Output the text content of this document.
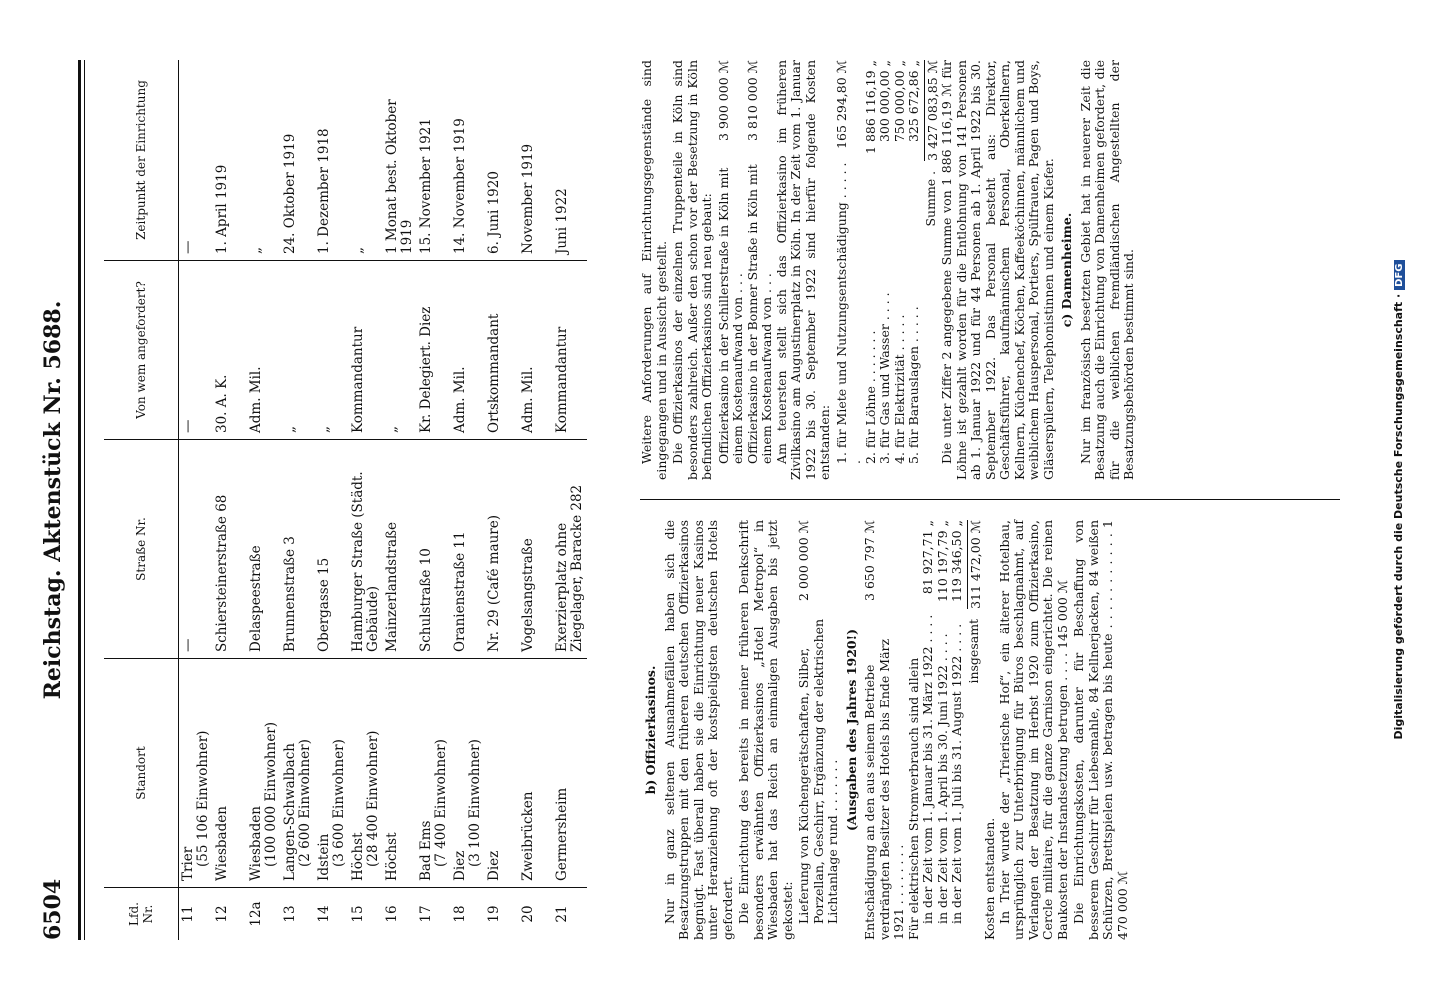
6504
Reichstag. Aktenstück Nr. 5688.
Lfd. Nr.	Standort	Straße Nr.	Von wem angefordert?	Zeitpunkt der Einrichtung
11	Trier (55 106 Einwohner)	—	—	—
12	Wiesbaden	Schiersteinerstraße 68	30. A. K.	1. April 1919
12a	Wiesbaden (100 000 Einwohner)	Delaspeestraße	Adm. Mil.	„
13	Langen-Schwalbach (2 600 Einwohner)	Brunnenstraße 3	„	24. Oktober 1919
14	Idstein (3 600 Einwohner)	Obergasse 15	„	1. Dezember 1918
15	Höchst (28 400 Einwohner)	Hamburger Straße (Städt. Gebäude)	Kommandantur	„
16	Höchst	Mainzerlandstraße	„	1 Monat best. Oktober 1919
17	Bad Ems (7 400 Einwohner)	Schulstraße 10	Kr. Delegiert. Diez	15. November 1921
18	Diez (3 100 Einwohner)	Oranienstraße 11	Adm. Mil.	14. November 1919
19	Diez	Nr. 29 (Café maure)	Ortskommandant	6. Juni 1920
20	Zweibrücken	Vogelsangstraße	Adm. Mil.	November 1919
21	Germersheim	Exerzierplatz ohne Ziegelager, Baracke 282	Kommandantur	Juni 1922
b) Offizierkasinos. Nur in ganz seltenen Ausnahmefällen haben sich die Besatzungstruppen mit den früheren deutschen Offizierkasinos begnügt. Fast überall haben sie die Einrichtung neuer Kasinos unter Heranziehung oft der kostspieligsten deutschen Hotels gefordert. Die Einrichtung des bereits in meiner früheren Denkschrift besonders erwähnten Offizierkasinos „Hotel Metropol“ in Wiesbaden hat das Reich an einmaligen Ausgaben bis jetzt gekostet: Lieferung von Küchengerätschaften, Silber, Porzellan, Geschirr, Ergänzung der elektrischen Lichtanlage rund . . . . . . .
2 000 000 ℳ
(Ausgaben des Jahres 1920!) Entschädigung an den aus seinem Betriebe verdrängten Besitzer des Hotels bis Ende März 1921 . . . . . . . .
3 650 797 ℳ
Für elektrischen Stromverbrauch sind allein in der Zeit vom 1. Januar bis 31. März 1922 . . . .
81 927,71 „
in der Zeit vom 1. April bis 30. Juni 1922 . . . .
110 197,79 „
in der Zeit vom 1. Juli bis 31. August 1922 . . . .
119 346,50 „
insgesamt
311 472,00 ℳ
Kosten entstanden. In Trier wurde der „Trierische Hof“, ein älterer Hotelbau, ursprünglich zur Unterbringung für Büros beschlagnahmt, auf Verlangen der Besatzung im Herbst 1920 zum Offizierkasino, Cercle militaire, für die ganze Garnison eingerichtet. Die reinen Baukosten der Instandsetzung betrugen . . . . 145 000 ℳ Die Einrichtungskosten, darunter für Beschaffung von besserem Geschirr für Liebesmahle, 84 Kellnerjacken, 84 weißen Schürzen, Brettspielen usw. betragen bis heute . . . . . . . . . . . 1 470 000 ℳ

Weitere Anforderungen auf Einrichtungsgegenstände sind eingegangen und in Aussicht gestellt. Die Offizierkasinos der einzelnen Truppenteile in Köln sind besonders zahlreich. Außer den schon vor der Besetzung in Köln befindlichen Offizierkasinos sind neu gebaut: Offizierkasino in der Schillerstraße in Köln mit einem Kostenaufwand von . . .
3 900 000 ℳ
Offizierkasino in der Bonner Straße in Köln mit einem Kostenaufwand von . . .
3 810 000 ℳ	Am teuersten stellt sich das Offizierkasino im früheren Zivilkasino am Augustinerplatz in Köln. In der Zeit vom 1. Januar 1922 bis 30. September 1922 sind hierfür folgende Kosten entstanden: 1. für Miete und Nutzungsentschädigung . . . . . .
165 294,80 ℳ
2. für Löhne . . . . . . .
1 886 116,19 „
3. für Gas und Wasser . . . .
300 000,00 „
4. für Elektrizität . . . . .
750 000,00 „
5. für Barauslagen . . . . .
325 672,86 „
Summe .
3 427 083,85 ℳ Die unter Ziffer 2 angegebene Summe von 1 886 116,19 ℳ für Löhne ist gezahlt worden für die Entlohnung von 141 Personen ab 1. Januar 1922 und für 44 Personen ab 1. April 1922 bis 30. September 1922. Das Personal besteht aus: Direktor, Geschäftsführer, kaufmännischem Personal, Oberkellnern, Kellnern, Küchenchef, Köchen, Kaffeeköchinnen, männlichem und weiblichem Hauspersonal, Portiers, Spülfrauen, Pagen und Boys, Gläserspülern, Telephonistinnen und einem Kiefer. c) Damenheime. Nur im französisch besetzten Gebiet hat in neuerer Zeit die Besatzung auch die Einrichtung von Damenheimen gefordert, die für die weiblichen fremdländischen Angestellten der Besatzungsbehörden bestimmt sind.	Digitalisierung gefördert durch die Deutsche Forschungsgemeinschaft ·DFG
